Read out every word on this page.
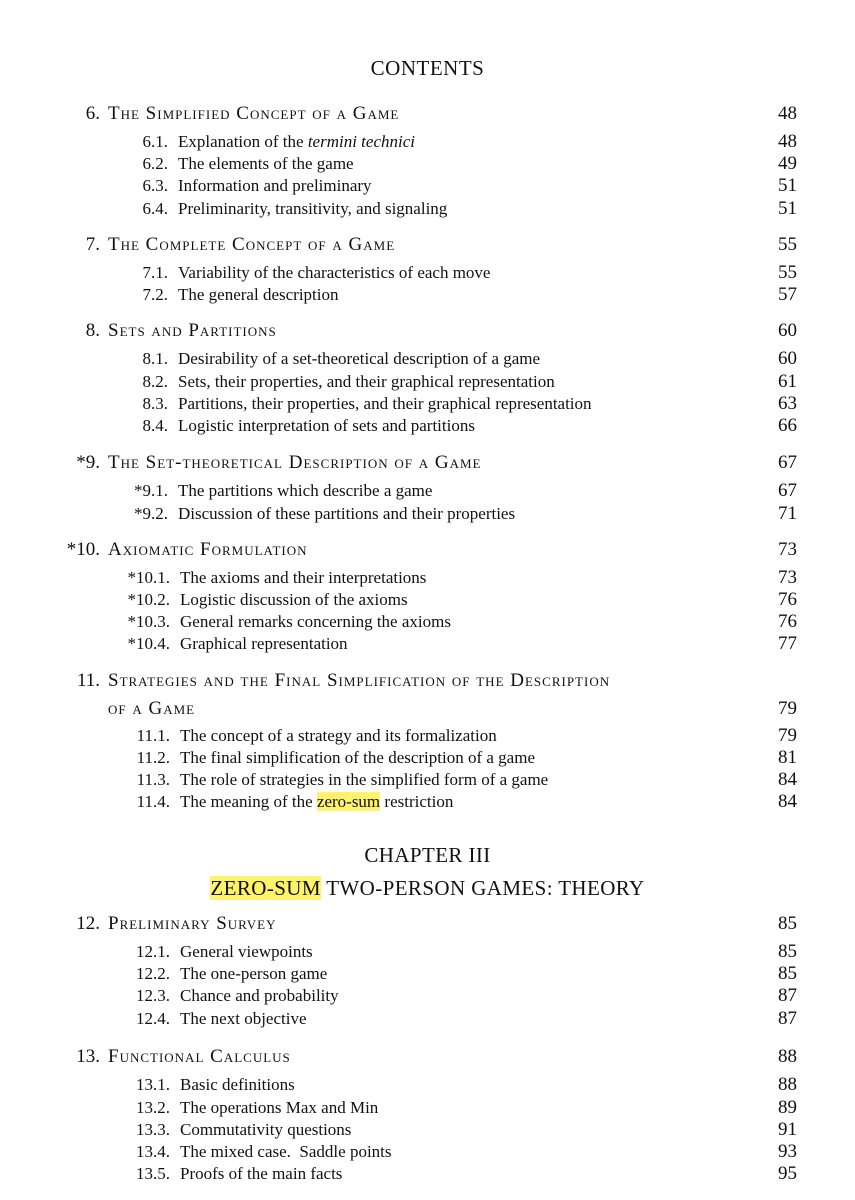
CONTENTS
6. The Simplified Concept of a Game	48
6.1. Explanation of the termini technici	48
6.2. The elements of the game	49
6.3. Information and preliminary	51
6.4. Preliminarity, transitivity, and signaling	51
7. The Complete Concept of a Game	55
7.1. Variability of the characteristics of each move	55
7.2. The general description	57
8. Sets and Partitions	60
8.1. Desirability of a set-theoretical description of a game	60
8.2. Sets, their properties, and their graphical representation	61
8.3. Partitions, their properties, and their graphical representation	63
8.4. Logistic interpretation of sets and partitions	66
*9. The Set-theoretical Description of a Game	67
*9.1. The partitions which describe a game	67
*9.2. Discussion of these partitions and their properties	71
*10. Axiomatic Formulation	73
*10.1. The axioms and their interpretations	73
*10.2. Logistic discussion of the axioms	76
*10.3. General remarks concerning the axioms	76
*10.4. Graphical representation	77
11. Strategies and the Final Simplification of the Description
of a Game	79
11.1. The concept of a strategy and its formalization	79
11.2. The final simplification of the description of a game	81
11.3. The role of strategies in the simplified form of a game	84
11.4. The meaning of the zero-sum restriction	84
CHAPTER III
ZERO-SUM TWO-PERSON GAMES: THEORY
12. Preliminary Survey	85
12.1. General viewpoints	85
12.2. The one-person game	85
12.3. Chance and probability	87
12.4. The next objective	87
13. Functional Calculus	88
13.1. Basic definitions	88
13.2. The operations Max and Min	89
13.3. Commutativity questions	91
13.4. The mixed case.  Saddle points	93
13.5. Proofs of the main facts	95
